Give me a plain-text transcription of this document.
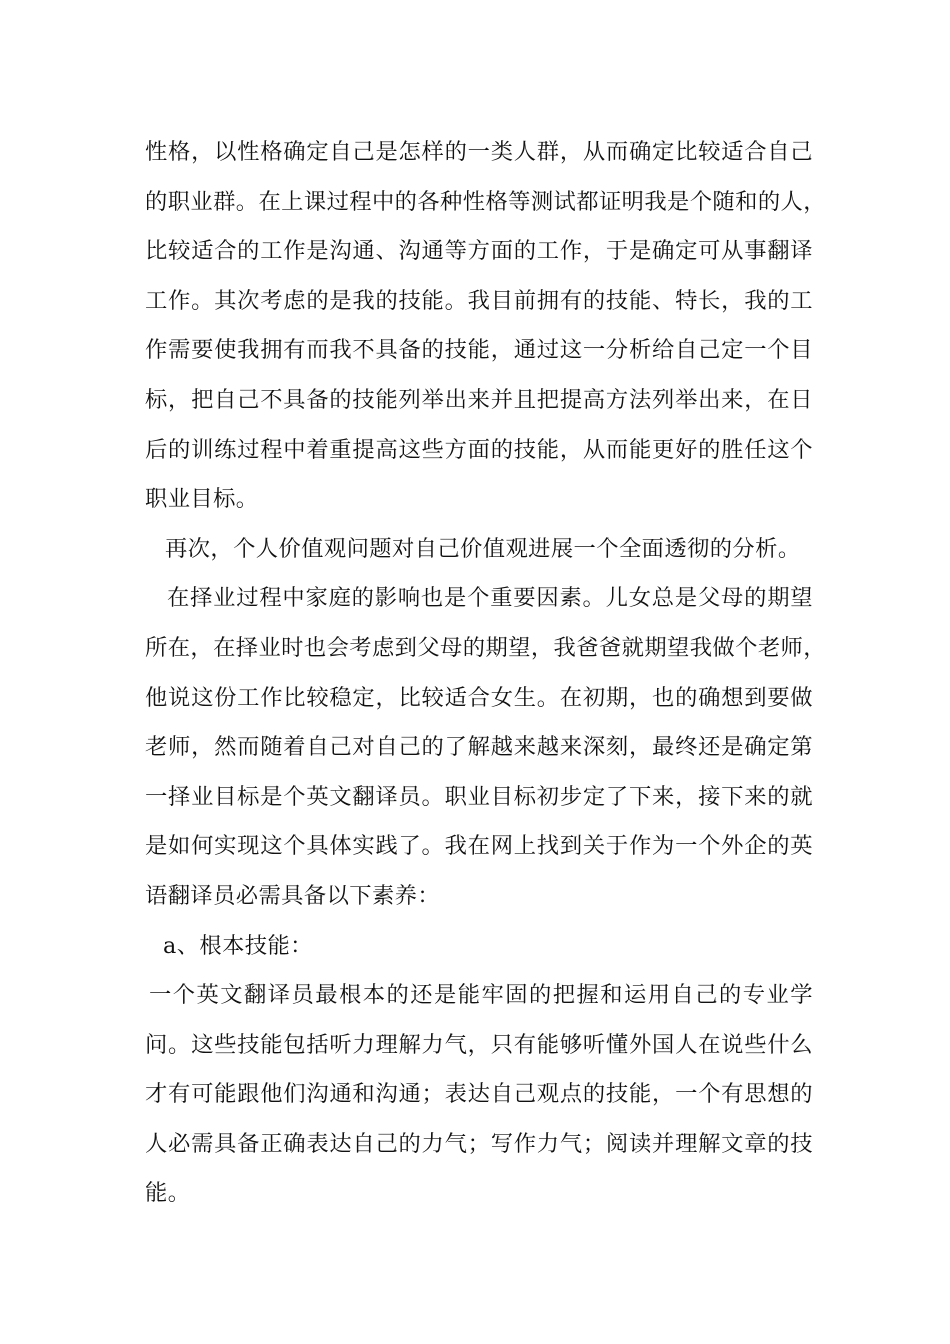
性格，以性格确定自己是怎样的一类人群，从而确定比较适合自己
的职业群。在上课过程中的各种性格等测试都证明我是个随和的人，
比较适合的工作是沟通、沟通等方面的工作，于是确定可从事翻译
工作。其次考虑的是我的技能。我目前拥有的技能、特长，我的工
作需要使我拥有而我不具备的技能，通过这一分析给自己定一个目
标，把自己不具备的技能列举出来并且把提高方法列举出来，在日
后的训练过程中着重提高这些方面的技能，从而能更好的胜任这个
职业目标。
再次，个人价值观问题对自己价值观进展一个全面透彻的分析。
在择业过程中家庭的影响也是个重要因素。儿女总是父母的期望
所在，在择业时也会考虑到父母的期望，我爸爸就期望我做个老师，
他说这份工作比较稳定，比较适合女生。在初期，也的确想到要做
老师，然而随着自己对自己的了解越来越来深刻，最终还是确定第
一择业目标是个英文翻译员。职业目标初步定了下来，接下来的就
是如何实现这个具体实践了。我在网上找到关于作为一个外企的英
语翻译员必需具备以下素养：
a、根本技能：
一个英文翻译员最根本的还是能牢固的把握和运用自己的专业学
问。这些技能包括听力理解力气，只有能够听懂外国人在说些什么
才有可能跟他们沟通和沟通；表达自己观点的技能，一个有思想的
人必需具备正确表达自己的力气；写作力气；阅读并理解文章的技
能。
